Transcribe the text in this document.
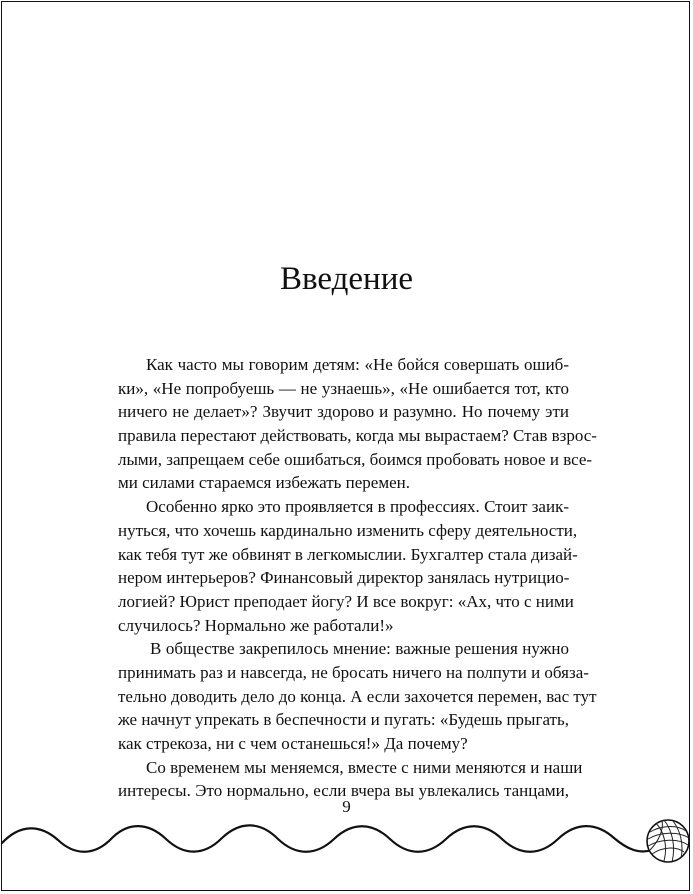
Введение

Как часто мы говорим детям: «Не бойся совершать ошиб-
ки», «Не попробуешь — не узнаешь», «Не ошибается тот, кто
ничего не делает»? Звучит здорово и разумно. Но почему эти
правила перестают действовать, когда мы вырастаем? Став взрос-
лыми, запрещаем себе ошибаться, боимся пробовать новое и все-
ми силами стараемся избежать перемен.

Особенно ярко это проявляется в профессиях. Стоит заик-
нуться, что хочешь кардинально изменить сферу деятельности,
как тебя тут же обвинят в легкомыслии. Бухгалтер стала дизай-
нером интерьеров? Финансовый директор занялась нутрицио-
логией? Юрист преподает йогу? И все вокруг: «Ах, что с ними
случилось? Нормально же работали!»

В обществе закрепилось мнение: важные решения нужно
принимать раз и навсегда, не бросать ничего на полпути и обяза-
тельно доводить дело до конца. А если захочется перемен, вас тут
же начнут упрекать в беспечности и пугать: «Будешь прыгать,
как стрекоза, ни с чем останешься!» Да почему?

Со временем мы меняемся, вместе с ними меняются и наши
интересы. Это нормально, если вчера вы увлекались танцами,

9
